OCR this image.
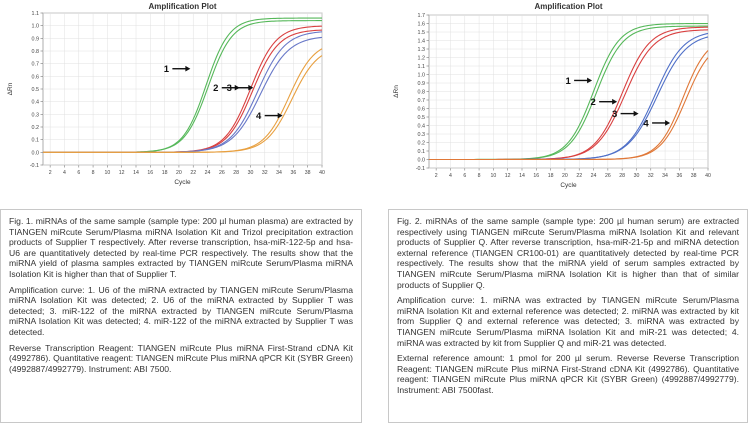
Amplification Plot
2 4 6 8 10 12 14 16 18 20 22 24 26 28 30 32 34 36 38 40
-0.1
0.0
0.1
0.2
0.3
0.4
0.5
0.6
0.7
0.8
0.9
1.0
1.1
Cycle
ΔRn
1
2 3
4

Fig. 1. miRNAs of the same sample (sample type: 200 µl human plasma) are extracted by TIANGEN miRcute Serum/Plasma miRNA Isolation Kit and Trizol precipitation extraction products of Supplier T respectively. After reverse transcription, hsa-miR-122-5p and hsa-U6 are quantitatively detected by real-time PCR respectively. The results show that the miRNA yield of plasma samples extracted by TIANGEN miRcute Serum/Plasma miRNA Isolation Kit is higher than that of Supplier T.

Amplification curve: 1. U6 of the miRNA extracted by TIANGEN miRcute Serum/Plasma miRNA Isolation Kit was detected; 2. U6 of the miRNA extracted by Supplier T was detected; 3. miR-122 of the miRNA extracted by TIANGEN miRcute Serum/Plasma miRNA Isolation Kit was detected; 4. miR-122 of the miRNA extracted by Supplier T was detected.

Reverse Transcription Reagent: TIANGEN miRcute Plus miRNA First-Strand cDNA Kit (4992786). Quantitative reagent: TIANGEN miRcute Plus miRNA qPCR Kit (SYBR Green) (4992887/4992779). Instrument: ABI 7500.

Amplification Plot
2 4 6 8 10 12 14 16 18 20 22 24 26 28 30 32 34 36 38 40
-0.1
0.0
0.1
0.2
0.3
0.4
0.5
0.6
0.7
0.8
0.9
1.0
1.1
1.2
1.3
1.4
1.5
1.6
1.7
Cycle
ΔRn
1
2
3
4

Fig. 2. miRNAs of the same sample (sample type: 200 µl human serum) are extracted respectively using TIANGEN miRcute Serum/Plasma miRNA Isolation Kit and relevant products of Supplier Q. After reverse transcription, hsa-miR-21-5p and miRNA detection external reference (TIANGEN CR100-01) are quantitatively detected by real-time PCR respectively. The results show that the miRNA yield of serum samples extracted by TIANGEN miRcute Serum/Plasma miRNA Isolation Kit is higher than that of similar products of Supplier Q.

Amplification curve: 1. miRNA was extracted by TIANGEN miRcute Serum/Plasma miRNA Isolation Kit and external reference was detected; 2. miRNA was extracted by kit from Supplier Q and external reference was detected; 3. miRNA was extracted by TIANGEN miRcute Serum/Plasma miRNA Isolation Kit and miR-21 was detected; 4. miRNA was extracted by kit from Supplier Q and miR-21 was detected.

External reference amount: 1 pmol for 200 µl serum. Reverse Reverse Transcription Reagent: TIANGEN miRcute Plus miRNA First-Strand cDNA Kit (4992786). Quantitative reagent: TIANGEN miRcute Plus miRNA qPCR Kit (SYBR Green) (4992887/4992779). Instrument: ABI 7500fast.
